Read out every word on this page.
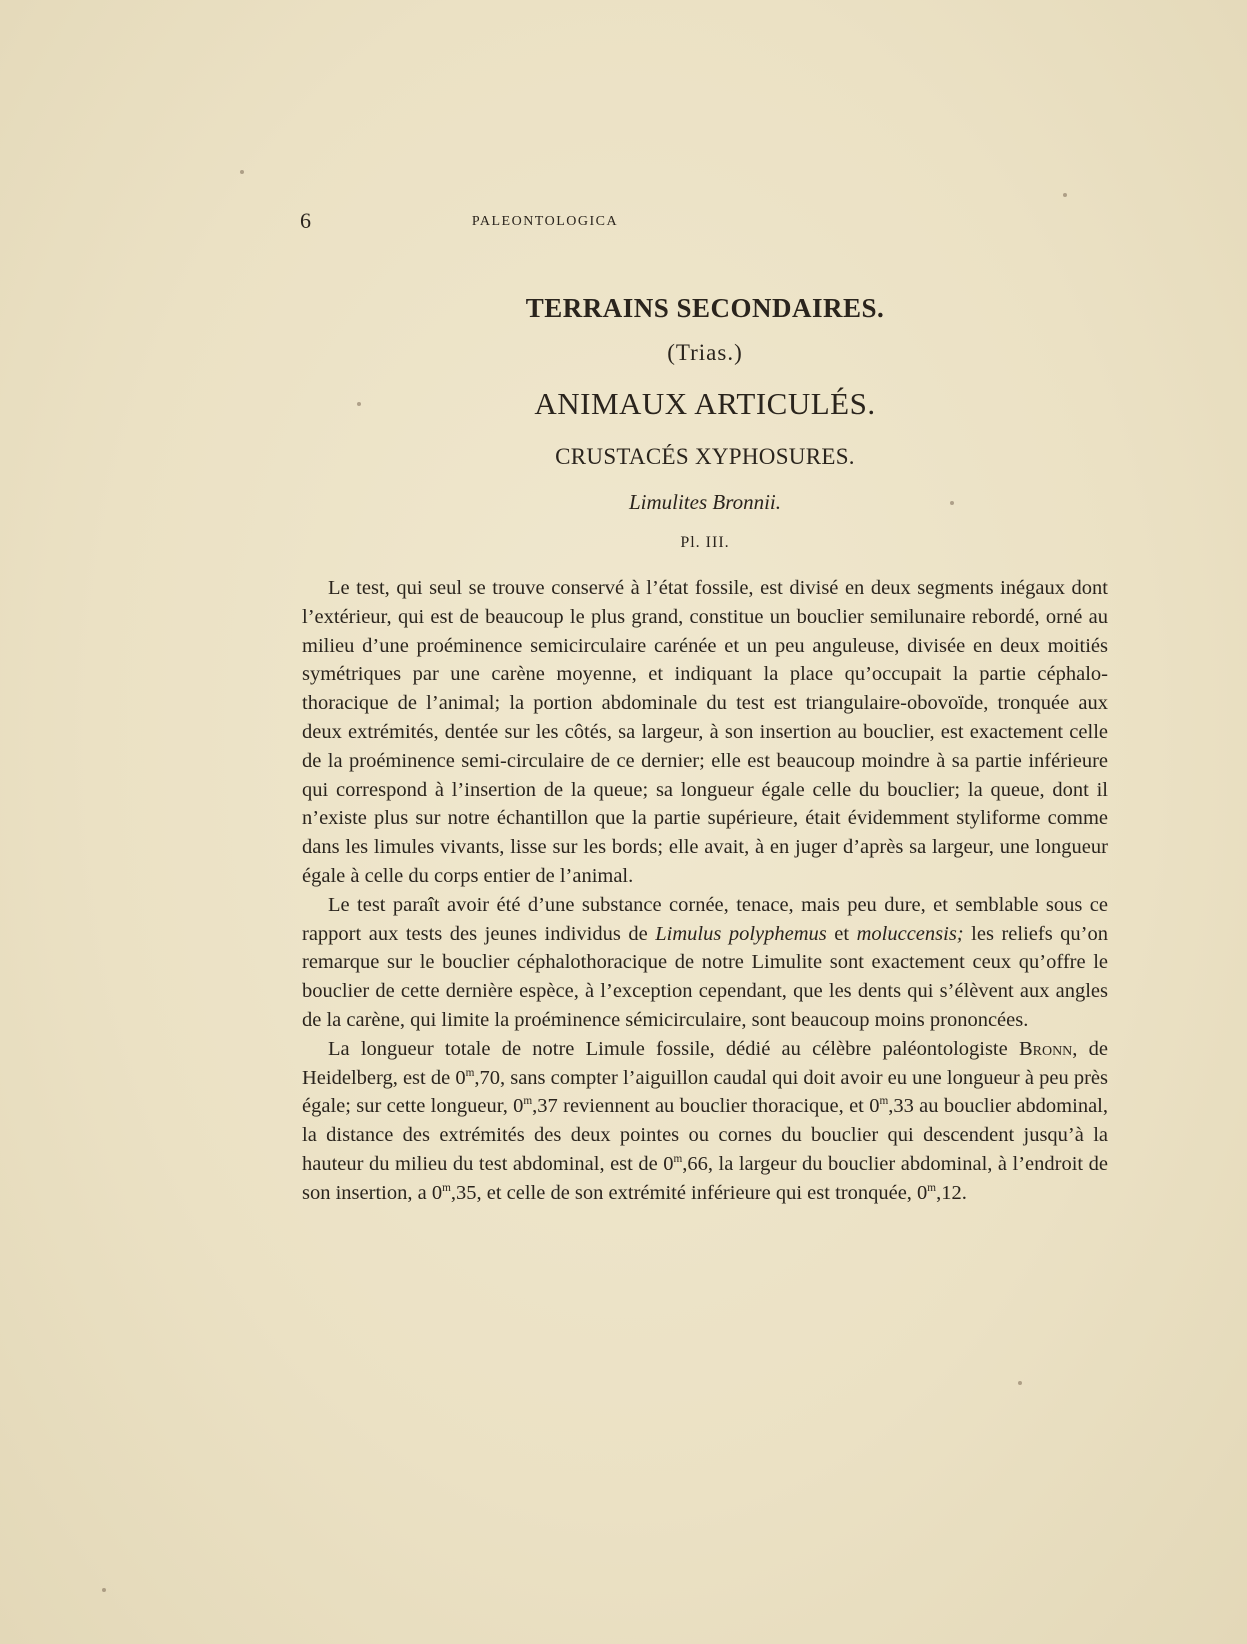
6	PALEONTOLOGICA
TERRAINS SECONDAIRES.
(Trias.)
ANIMAUX ARTICULÉS.
CRUSTACÉS XYPHOSURES.
Limulites Bronnii.
Pl. III.

Le test, qui seul se trouve conservé à l’état fossile, est divisé en deux segments inégaux dont l’extérieur, qui est de beaucoup le plus grand, constitue un bouclier semilunaire rebordé, orné au milieu d’une proéminence semicirculaire carénée et un peu anguleuse, divisée en deux moitiés symétriques par une carène moyenne, et indiquant la place qu’occupait la partie céphalo-thoracique de l’animal; la portion abdominale du test est triangulaire-obovoïde, tronquée aux deux extrémités, dentée sur les côtés, sa largeur, à son insertion au bouclier, est exactement celle de la proéminence semi-circulaire de ce dernier; elle est beaucoup moindre à sa partie inférieure qui correspond à l’insertion de la queue; sa longueur égale celle du bouclier; la queue, dont il n’existe plus sur notre échantillon que la partie supérieure, était évidemment styliforme comme dans les limules vivants, lisse sur les bords; elle avait, à en juger d’après sa largeur, une longueur égale à celle du corps entier de l’animal.

Le test paraît avoir été d’une substance cornée, tenace, mais peu dure, et semblable sous ce rapport aux tests des jeunes individus de Limulus polyphemus et moluccensis; les reliefs qu’on remarque sur le bouclier céphalothoracique de notre Limulite sont exactement ceux qu’offre le bouclier de cette dernière espèce, à l’exception cependant, que les dents qui s’élèvent aux angles de la carène, qui limite la proéminence sémicirculaire, sont beaucoup moins prononcées.

La longueur totale de notre Limule fossile, dédié au célèbre paléontologiste Bronn, de Heidelberg, est de 0$^m$,70, sans compter l’aiguillon caudal qui doit avoir eu une longueur à peu près égale; sur cette longueur, 0$^m$,37 reviennent au bouclier thoracique, et 0$^m$,33 au bouclier abdominal, la distance des extrémités des deux pointes ou cornes du bouclier qui descendent jusqu’à la hauteur du milieu du test abdominal, est de 0$^m$,66, la largeur du bouclier abdominal, à l’endroit de son insertion, a 0$^m$,35, et celle de son extrémité inférieure qui est tronquée, 0$^m$,12.
